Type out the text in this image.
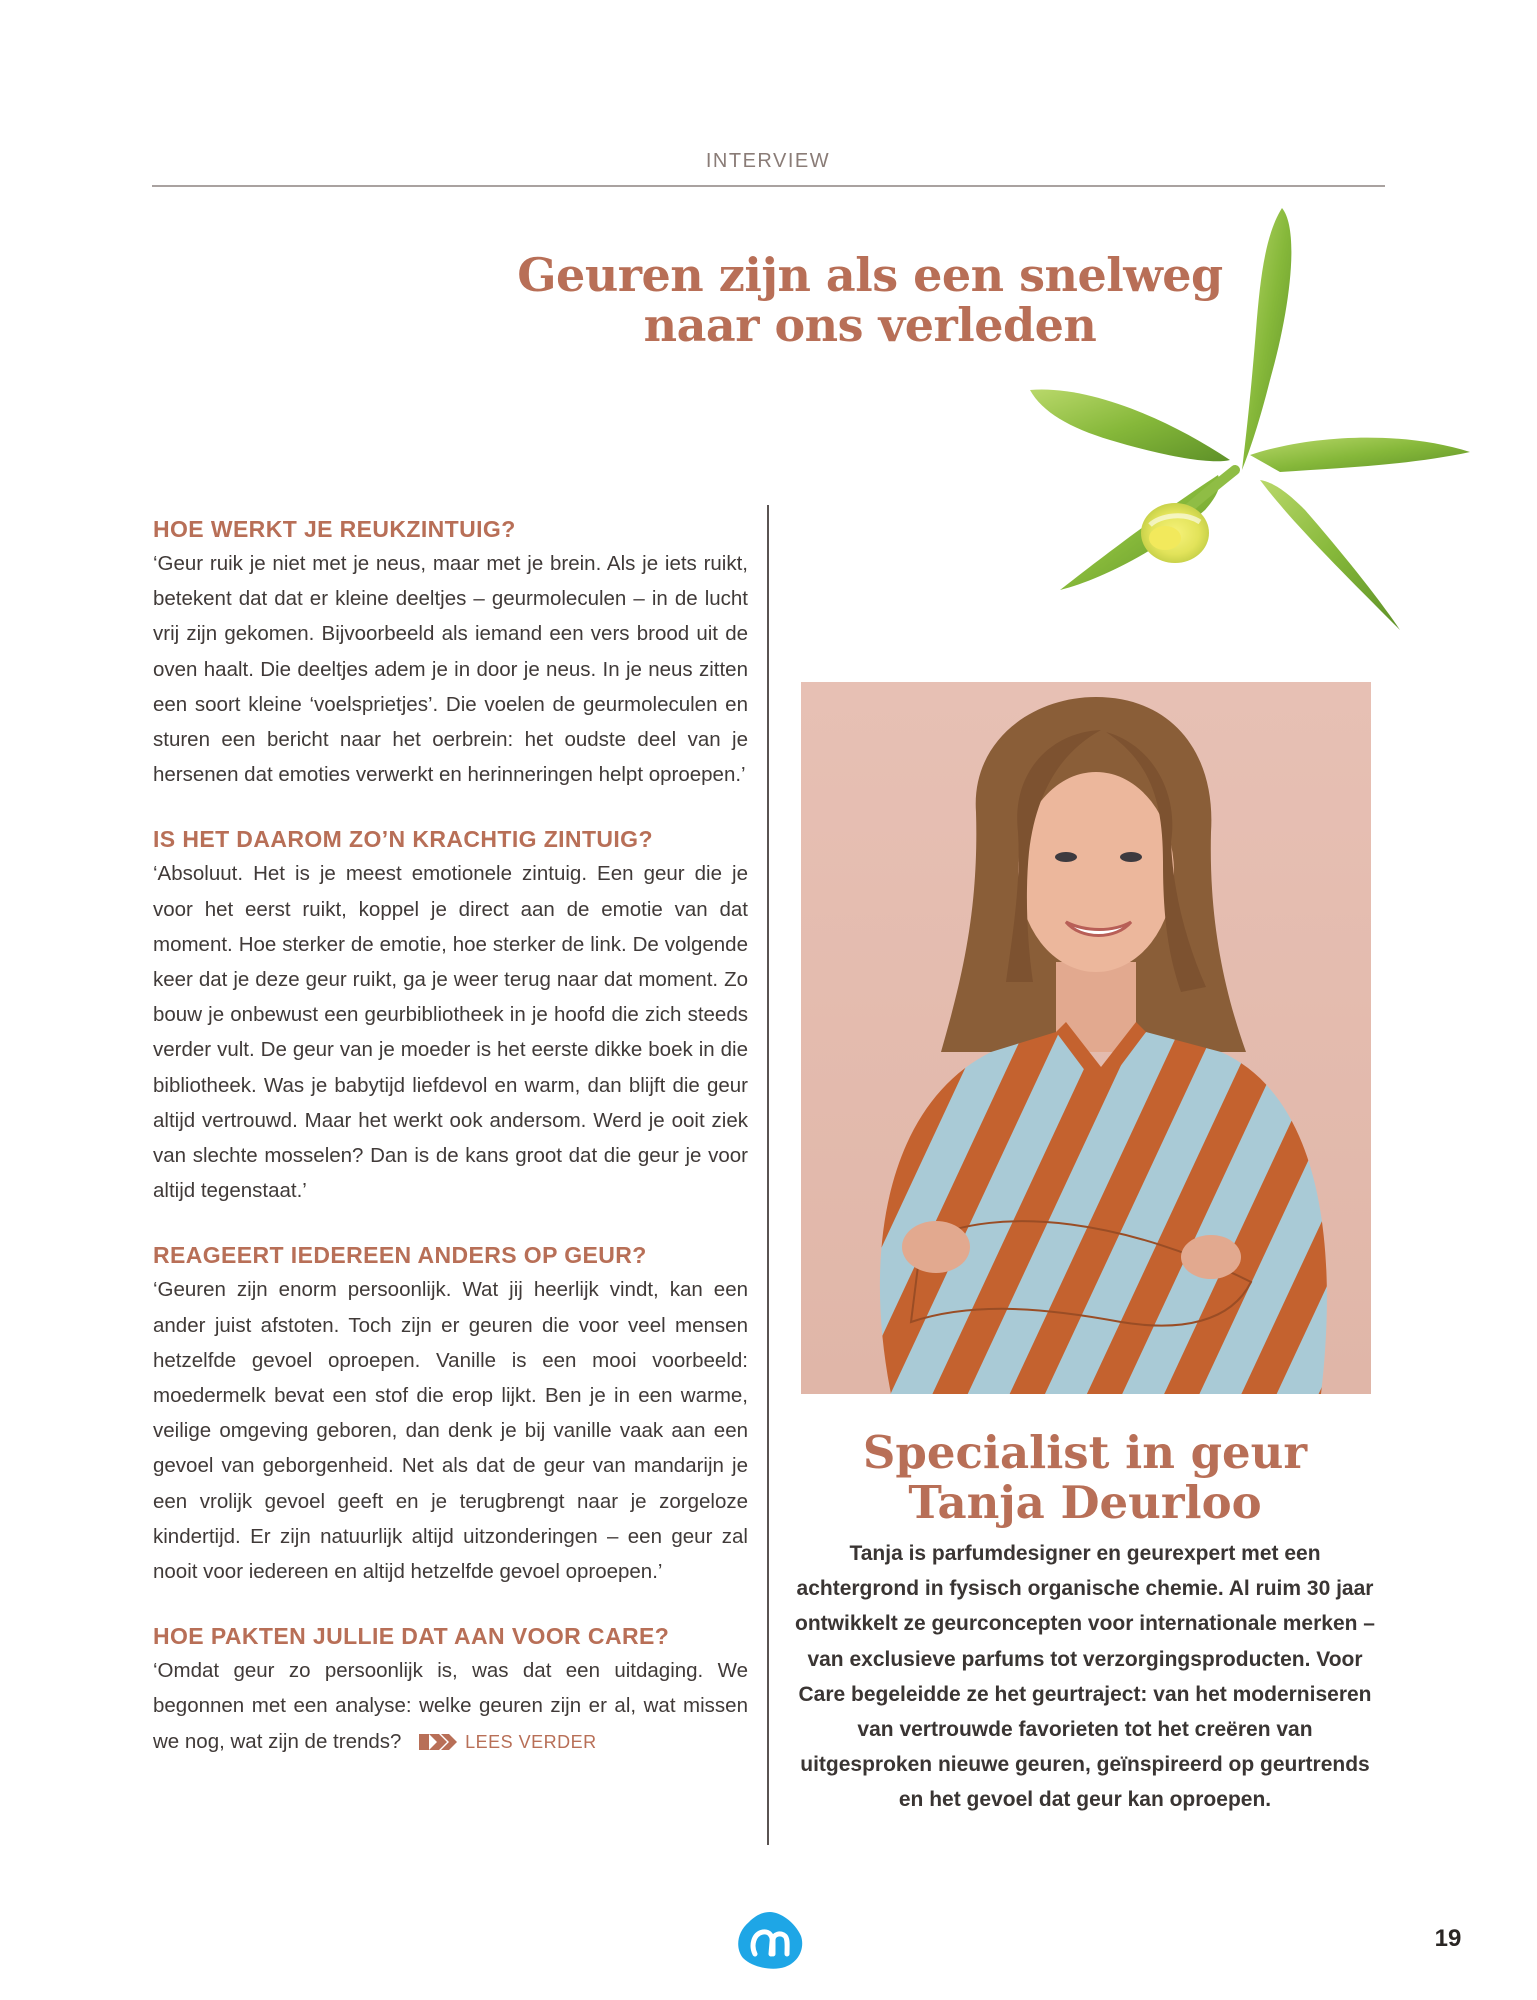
INTERVIEW
Geuren zijn als een snelweg
naar ons verleden
HOE WERKT JE REUKZINTUIG?

‘Geur ruik je niet met je neus, maar met je brein. Als je iets ruikt, betekent dat dat er kleine deeltjes – geurmoleculen – in de lucht vrij zijn gekomen. Bijvoorbeeld als iemand een vers brood uit de oven haalt. Die deeltjes adem je in door je neus. In je neus zitten een soort kleine ‘voelsprietjes’. Die voelen de geurmoleculen en sturen een bericht naar het oerbrein: het oudste deel van je hersenen dat emoties verwerkt en herinneringen helpt oproepen.’

IS HET DAAROM ZO’N KRACHTIG ZINTUIG?

‘Absoluut. Het is je meest emotionele zintuig. Een geur die je voor het eerst ruikt, koppel je direct aan de emotie van dat moment. Hoe sterker de emotie, hoe sterker de link. De volgende keer dat je deze geur ruikt, ga je weer terug naar dat moment. Zo bouw je onbewust een geurbibliotheek in je hoofd die zich steeds verder vult. De geur van je moeder is het eerste dikke boek in die bibliotheek. Was je babytijd liefdevol en warm, dan blijft die geur altijd vertrouwd. Maar het werkt ook andersom. Werd je ooit ziek van slechte mosselen? Dan is de kans groot dat die geur je voor altijd tegenstaat.’

REAGEERT IEDEREEN ANDERS OP GEUR?

‘Geuren zijn enorm persoonlijk. Wat jij heerlijk vindt, kan een ander juist afstoten. Toch zijn er geuren die voor veel mensen hetzelfde gevoel oproepen. Vanille is een mooi voorbeeld: moedermelk bevat een stof die erop lijkt. Ben je in een warme, veilige omgeving geboren, dan denk je bij vanille vaak aan een gevoel van geborgenheid. Net als dat de geur van mandarijn je een vrolijk gevoel geeft en je terugbrengt naar je zorgeloze kindertijd. Er zijn natuurlijk altijd uitzonderingen – een geur zal nooit voor iedereen en altijd hetzelfde gevoel oproepen.’

HOE PAKTEN JULLIE DAT AAN VOOR CARE?

‘Omdat geur zo persoonlijk is, was dat een uitdaging. We begonnen met een analyse: welke geuren zijn er al, wat missen we nog, wat zijn de trends?	LEES VERDER

Specialist in geur
Tanja Deurloo

Tanja is parfumdesigner en geurexpert met een achtergrond in fysisch organische chemie. Al ruim 30 jaar ontwikkelt ze geurconcepten voor internationale merken – van exclusieve parfums tot verzorgingsproducten. Voor Care begeleidde ze het geurtraject: van het moderniseren van vertrouwde favorieten tot het creëren van uitgesproken nieuwe geuren, geïnspireerd op geurtrends en het gevoel dat geur kan oproepen.

19
